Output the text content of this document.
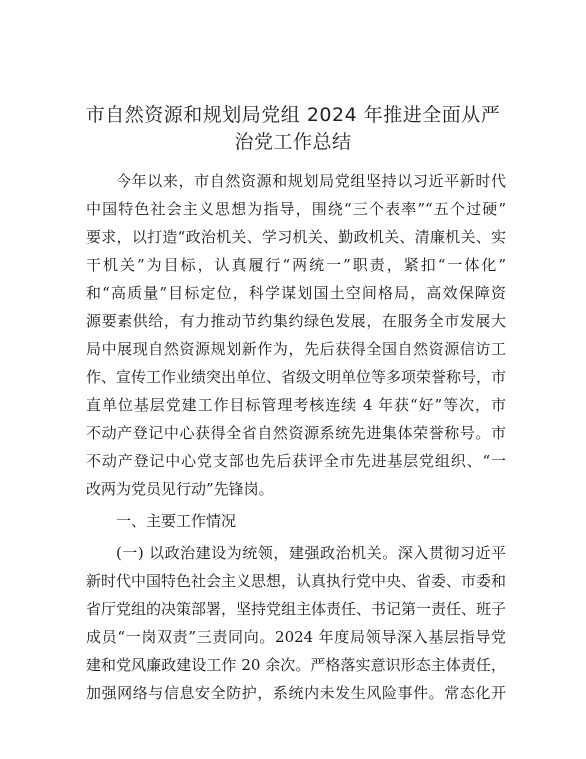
市自然资源和规划局党组 2024 年推进全面从严
治党工作总结
今年以来，市自然资源和规划局党组坚持以习近平新时代
中国特色社会主义思想为指导，围绕“三个表率”“五个过硬”
要求，以打造“政治机关、学习机关、勤政机关、清廉机关、实
干机关”为目标，认真履行“两统一”职责，紧扣“一体化”
和“高质量”目标定位，科学谋划国土空间格局，高效保障资
源要素供给，有力推动节约集约绿色发展，在服务全市发展大
局中展现自然资源规划新作为，先后获得全国自然资源信访工
作、宣传工作业绩突出单位、省级文明单位等多项荣誉称号，市
直单位基层党建工作目标管理考核连续 4 年获“好”等次，市
不动产登记中心获得全省自然资源系统先进集体荣誉称号。市
不动产登记中心党支部也先后获评全市先进基层党组织、“一
改两为党员见行动”先锋岗。
一、主要工作情况
(一) 以政治建设为统领，建强政治机关。深入贯彻习近平
新时代中国特色社会主义思想，认真执行党中央、省委、市委和
省厅党组的决策部署，坚持党组主体责任、书记第一责任、班子
成员“一岗双责”三责同向。2024 年度局领导深入基层指导党
建和党风廉政建设工作 20 余次。严格落实意识形态主体责任，
加强网络与信息安全防护，系统内未发生风险事件。常态化开
